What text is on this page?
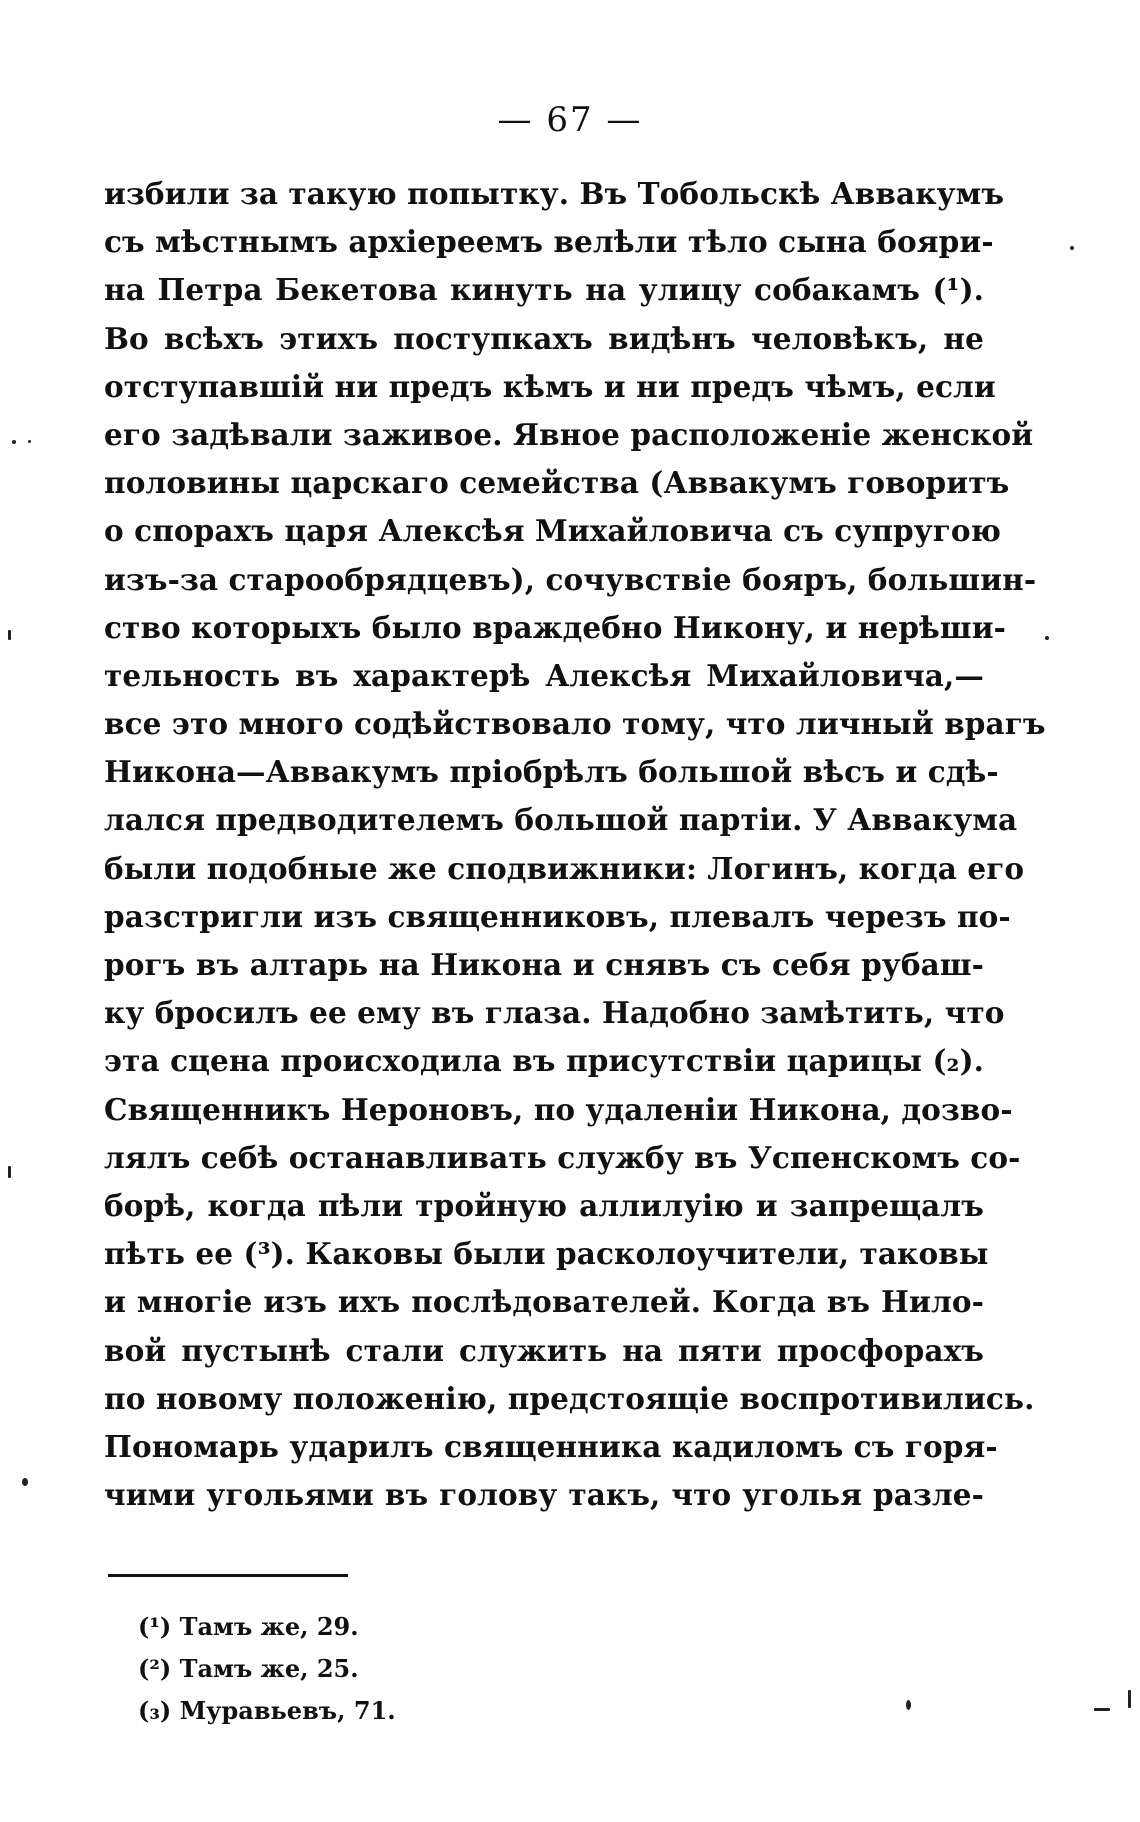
— 67 —
избили за такую попытку. Въ Тобольскѣ Аввакумъ
съ мѣстнымъ архіереемъ велѣли тѣло сына бояри-
на Петра Бекетова кинуть на улицу собакамъ (¹).
Во всѣхъ этихъ поступкахъ видѣнъ человѣкъ, не
отступавшій ни предъ кѣмъ и ни предъ чѣмъ, если
его задѣвали заживое. Явное расположеніе женской
половины царскаго семейства (Аввакумъ говоритъ
о спорахъ царя Алексѣя Михайловича съ супругою
изъ-за старообрядцевъ), сочувствіе бояръ, большин-
ство которыхъ было враждебно Никону, и нерѣши-
тельность въ характерѣ Алексѣя Михайловича,—
все это много содѣйствовало тому, что личный врагъ
Никона—Аввакумъ пріобрѣлъ большой вѣсъ и сдѣ-
лался предводителемъ большой партіи. У Аввакума
были подобные же сподвижники: Логинъ, когда его
разстригли изъ священниковъ, плевалъ черезъ по-
рогъ въ алтарь на Никона и снявъ съ себя рубаш-
ку бросилъ ее ему въ глаза. Надобно замѣтить, что
эта сцена происходила въ присутствіи царицы (₂).
Священникъ Нероновъ, по удаленіи Никона, дозво-
лялъ себѣ останавливать службу въ Успенскомъ со-
борѣ, когда пѣли тройную аллилуію и запрещалъ
пѣть ее (³). Каковы были расколоучители, таковы
и многіе изъ ихъ послѣдователей. Когда въ Нило-
вой пустынѣ стали служить на пяти просфорахъ
по новому положенію, предстоящіе воспротивились.
Пономарь ударилъ священника кадиломъ съ горя-
чими угольями въ голову такъ, что уголья разле-
(¹) Тамъ же, 29.
(²) Тамъ же, 25.
(₃) Муравьевъ, 71.
